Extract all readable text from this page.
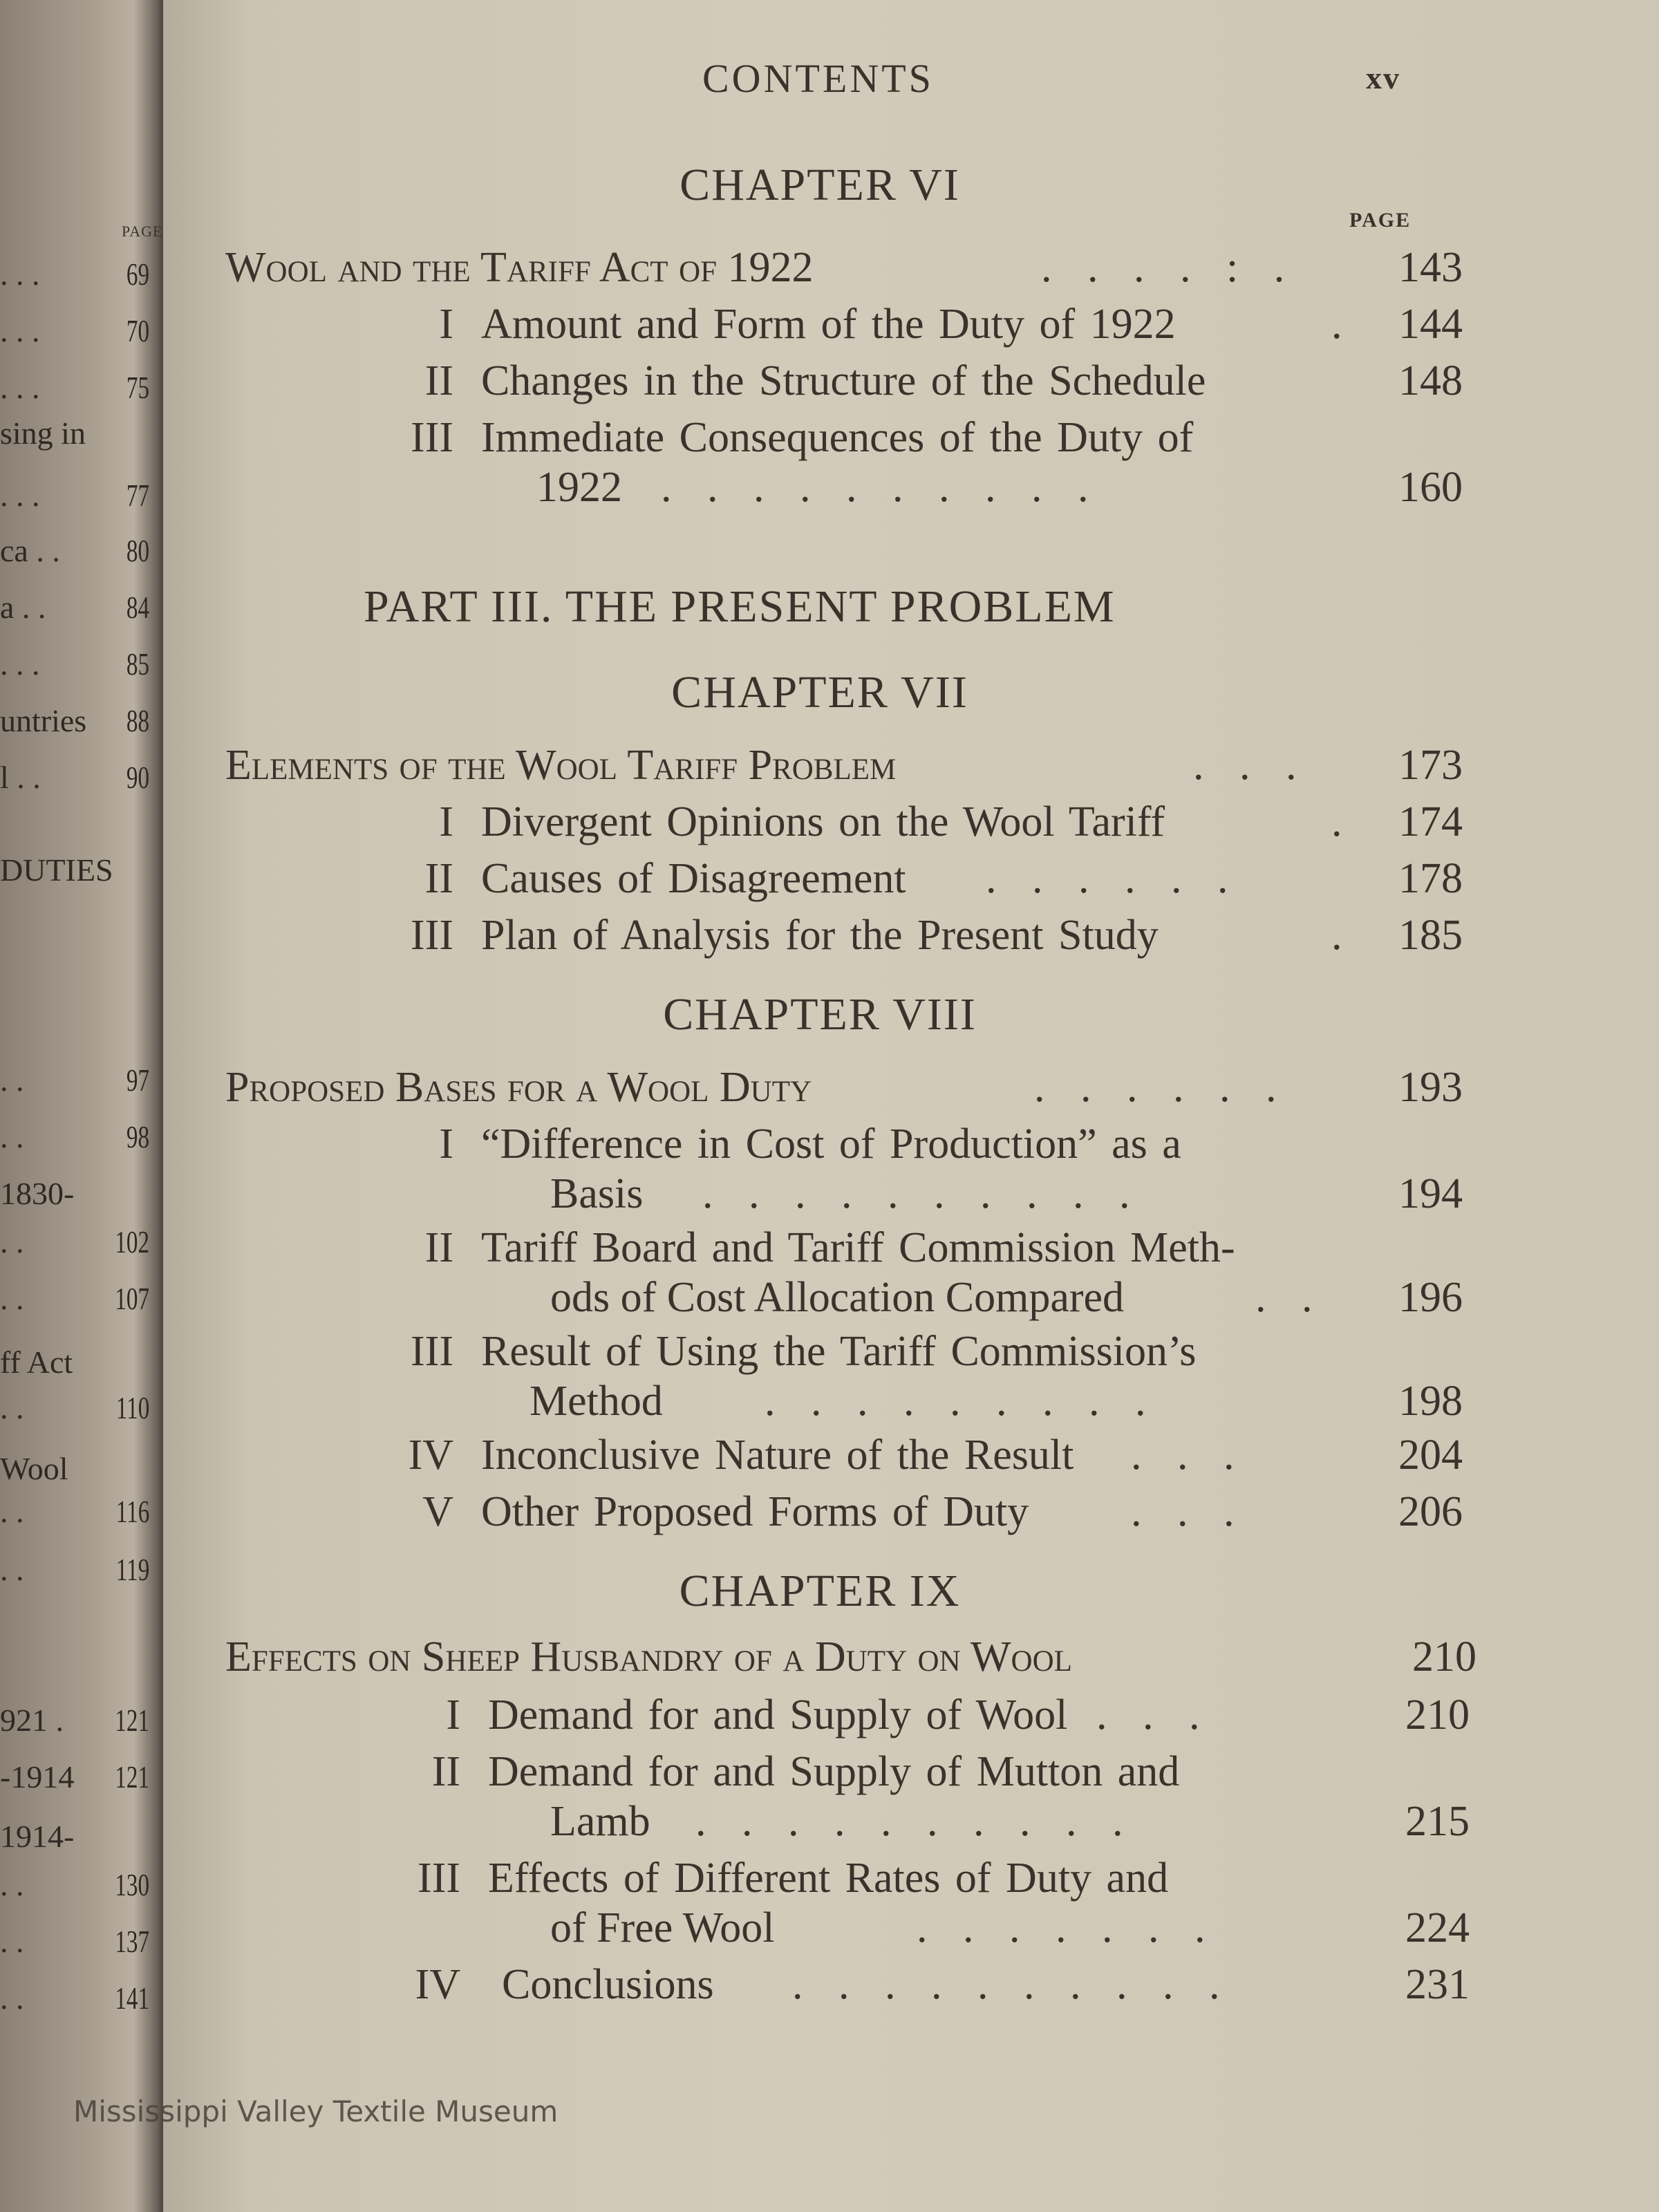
PAGE
. . .	69
. . .	70
. . .	75
sing in
. . .	77
ca . . 80
a . .	84
. . .	85
untries 88
l . .	90
DUTIES
. .	97
. .	98
1830-
. .	102
. .	107
ff Act
. .	110
Wool
. .	116
. .	119
921 . 121
-1914 121
1914-
. .	130
. .	137
. .	141
CONTENTS	xv
CHAPTER VI
PAGE
Wool and the Tariff Act of 1922	. . . . : . 143
I Amount and Form of the Duty of 1922	. 144
II Changes in the Structure of the Schedule	148
III Immediate Consequences of the Duty of
1922 . . . . . . . . . .	160
PART III. THE PRESENT PROBLEM
CHAPTER VII
Elements of the Wool Tariff Problem	. . . 173
I Divergent Opinions on the Wool Tariff	. 174
II Causes of Disagreement . . . . . .	178
III Plan of Analysis for the Present Study	. 185
CHAPTER VIII
Proposed Bases for a Wool Duty	. . . . . .	193
I “Difference in Cost of Production” as a
Basis . . . . . . . . . .	194
II Tariff Board and Tariff Commission Meth-
ods of Cost Allocation Compared	. . 196
III Result of Using the Tariff Commission’s
Method . . . . . . . . .	198
IV Inconclusive Nature of the Result . . .	204
V Other Proposed Forms of Duty . . .	206
CHAPTER IX
Effects on Sheep Husbandry of a Duty on Wool	210
I Demand for and Supply of Wool . . .	210
II Demand for and Supply of Mutton and
Lamb . . . . . . . . . .	215
III Effects of Different Rates of Duty and
of Free Wool	. . . . . . .	224
IV Conclusions . . . . . . . . . .	231
Mississippi Valley Textile Museum
